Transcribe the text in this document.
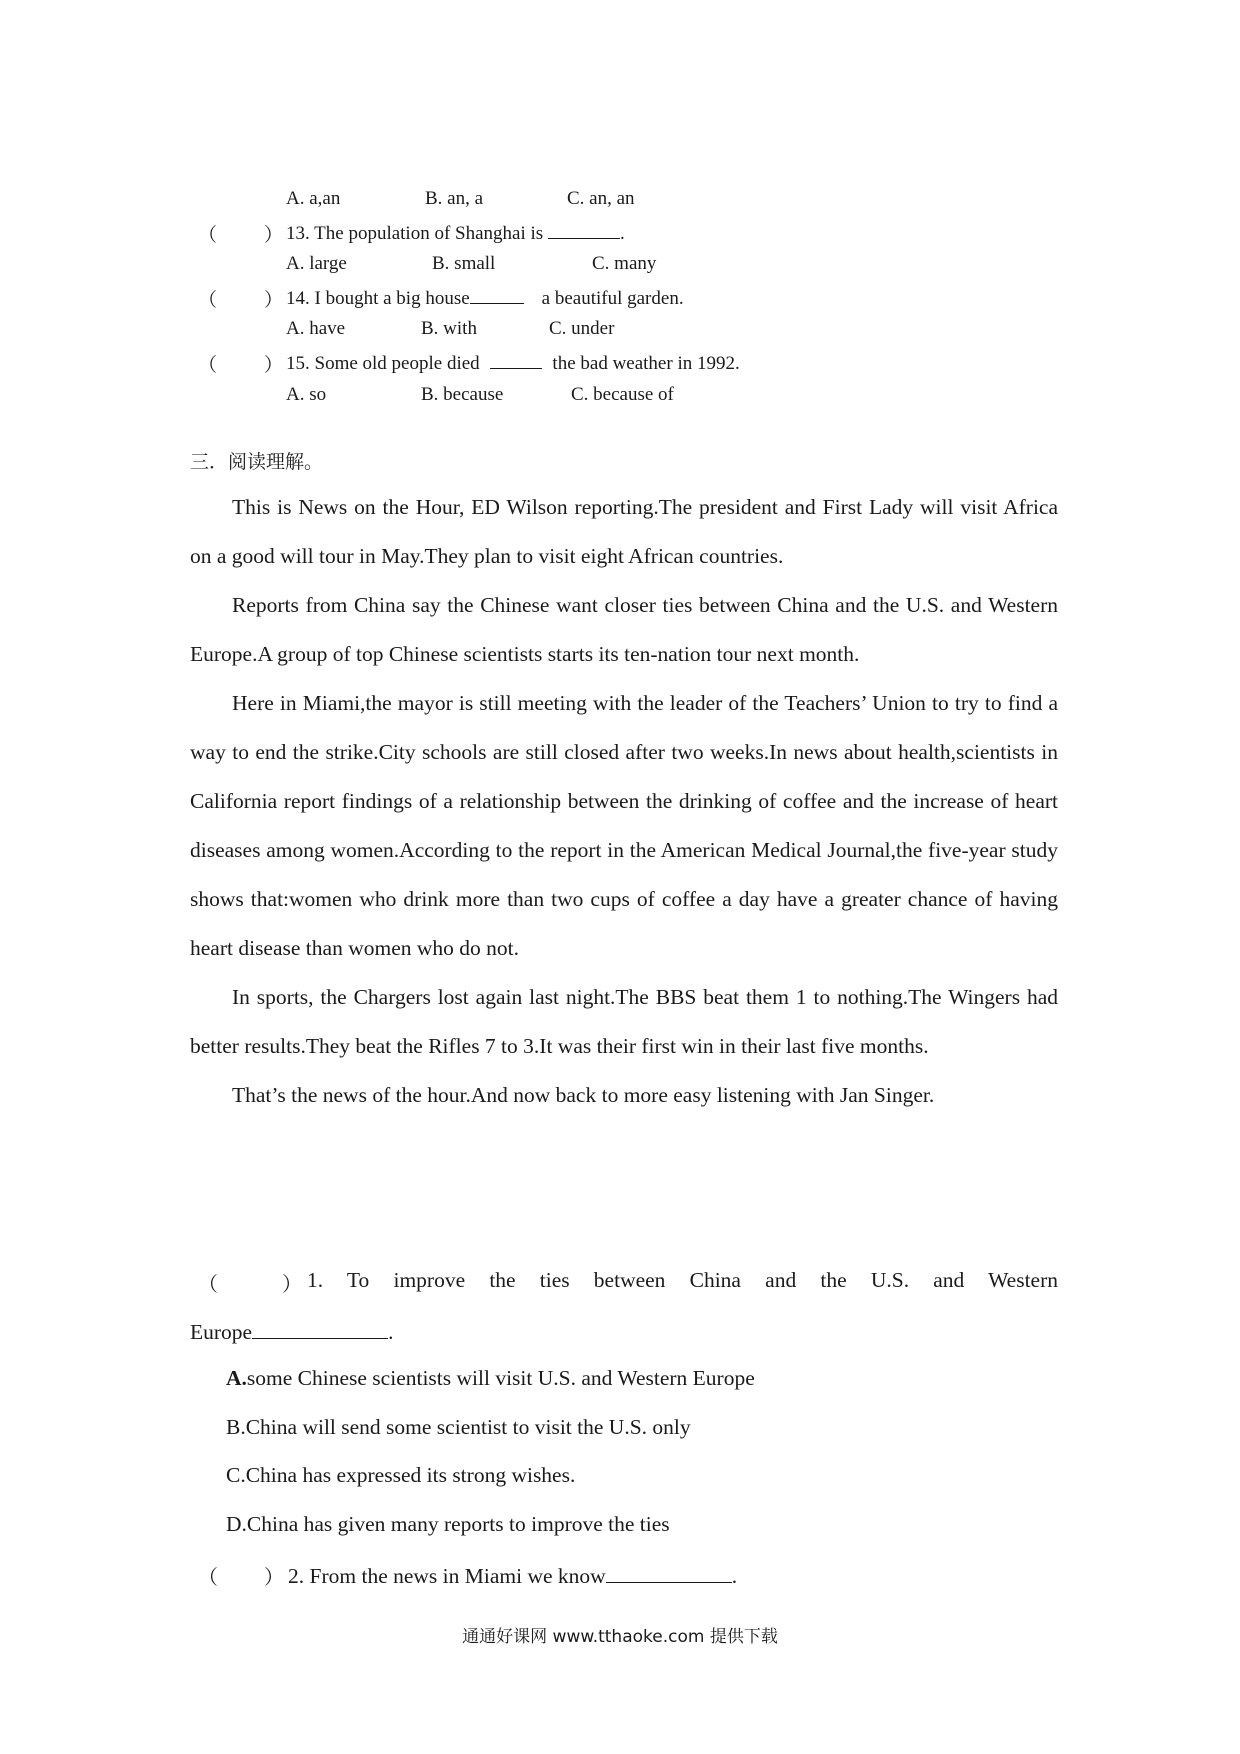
A. a,an	B. an, a	C. an, an
（ ） 13. The population of Shanghai is	.
A. large	B. small	C. many
（ ） 14. I bought a big house	a beautiful garden.
A. have	B. with	C. under
（ ） 15. Some old people died	the bad weather in 1992.
A. so	B. because	C. because of
三．阅读理解。

This is News on the Hour, ED Wilson reporting.The president and First Lady will visit Africa on a good will tour in May.They plan to visit eight African countries.

Reports from China say the Chinese want closer ties between China and the U.S. and Western Europe.A group of top Chinese scientists starts its ten-nation tour next month.

Here in Miami,the mayor is still meeting with the leader of the Teachers’ Union to try to find a way to end the strike.City schools are still closed after two weeks.In news about health,scientists in California report findings of a relationship between the drinking of coffee and the increase of heart diseases among women.According to the report in the American Medical Journal,the five-year study shows that:women who drink more than two cups of coffee a day have a greater chance of having heart disease than women who do not.

In sports, the Chargers lost again last night.The BBS beat them 1 to nothing.The Wingers had better results.They beat the Rifles 7 to 3.It was their first win in their last five months.

That’s the news of the hour.And now back to more easy listening with Jan Singer.

（	） 1. To improve the ties between China and the U.S. and Western
Europe	.
A.some Chinese scientists will visit U.S. and Western Europe
B.China will send some scientist to visit the U.S. only
C.China has expressed its strong wishes.
D.China has given many reports to improve the ties
（ ） 2. From the news in Miami we know	.
通通好课网 www.tthaoke.com 提供下载
